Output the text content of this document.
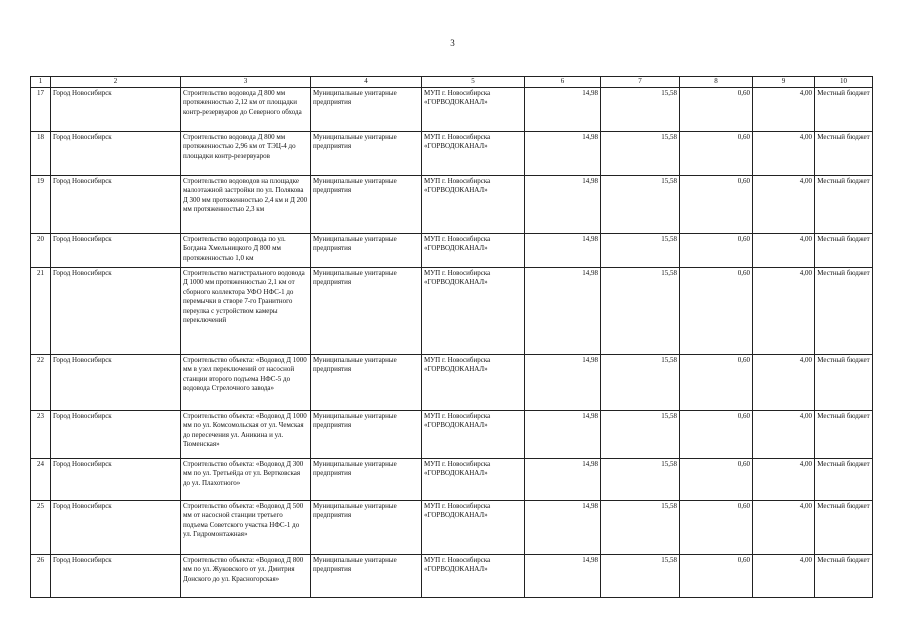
3
1	2	3	4	5	6	7	8	9	10
17	Город Новосибирск	Строительство водовода Д 800 мм протяженностью 2,12 км от площадки контр-резервуаров до Северного обхода	Муниципальные унитарные предприятия	МУП г. Новосибирска «ГОРВОДОКАНАЛ»	14,98	15,58	0,60	4,00	Местный бюджет
18	Город Новосибирск	Строительство водовода Д 800 мм протяженностью 2,96 км от ТЭЦ-4 до площадки контр-резервуаров	Муниципальные унитарные предприятия	МУП г. Новосибирска «ГОРВОДОКАНАЛ»	14,98	15,58	0,60	4,00	Местный бюджет
19	Город Новосибирск	Строительство водоводов на площадке малоэтажной застройки по ул. Полякова Д 300 мм протяженностью 2,4 км и Д 200 мм протяженностью 2,3 км	Муниципальные унитарные предприятия	МУП г. Новосибирска «ГОРВОДОКАНАЛ»	14,98	15,58	0,60	4,00	Местный бюджет
20	Город Новосибирск	Строительство водопровода по ул. Богдана Хмельницкого Д 800 мм протяженностью 1,0 км	Муниципальные унитарные предприятия	МУП г. Новосибирска «ГОРВОДОКАНАЛ»	14,98	15,58	0,60	4,00	Местный бюджет
21	Город Новосибирск	Строительство магистрального водовода Д 1000 мм протяженностью 2,1 км от сборного коллектора УФО НФС-1 до перемычки в створе 7-го Гранитного переулка с устройством камеры переключений	Муниципальные унитарные предприятия	МУП г. Новосибирска «ГОРВОДОКАНАЛ»	14,98	15,58	0,60	4,00	Местный бюджет
22	Город Новосибирск	Строительство объекта: «Водовод Д 1000 мм в узел переключений от насосной станции второго подъема НФС-5 до водовода Стрелочного завода»	Муниципальные унитарные предприятия	МУП г. Новосибирска «ГОРВОДОКАНАЛ»	14,98	15,58	0,60	4,00	Местный бюджет
23	Город Новосибирск	Строительство объекта: «Водовод Д 1000 мм по ул. Комсомольская от ул. Чемская до пересечения ул. Аникина и ул. Тюменская»	Муниципальные унитарные предприятия	МУП г. Новосибирска «ГОРВОДОКАНАЛ»	14,98	15,58	0,60	4,00	Местный бюджет
24	Город Новосибирск	Строительство объекта: «Водовод Д 300 мм по ул. Третьейда от ул. Вертковская до ул. Плахотного»	Муниципальные унитарные предприятия	МУП г. Новосибирска «ГОРВОДОКАНАЛ»	14,98	15,58	0,60	4,00	Местный бюджет
25	Город Новосибирск	Строительство объекта: «Водовод Д 500 мм от насосной станции третьего подъема Советского участка НФС-1 до ул. Гидромонтажная»	Муниципальные унитарные предприятия	МУП г. Новосибирска «ГОРВОДОКАНАЛ»	14,98	15,58	0,60	4,00	Местный бюджет
26	Город Новосибирск	Строительство объекта: «Водовод Д 800 мм по ул. Жуковского от ул. Дмитрия Донского до ул. Красногорская»	Муниципальные унитарные предприятия	МУП г. Новосибирска «ГОРВОДОКАНАЛ»	14,98	15,58	0,60	4,00	Местный бюджет
